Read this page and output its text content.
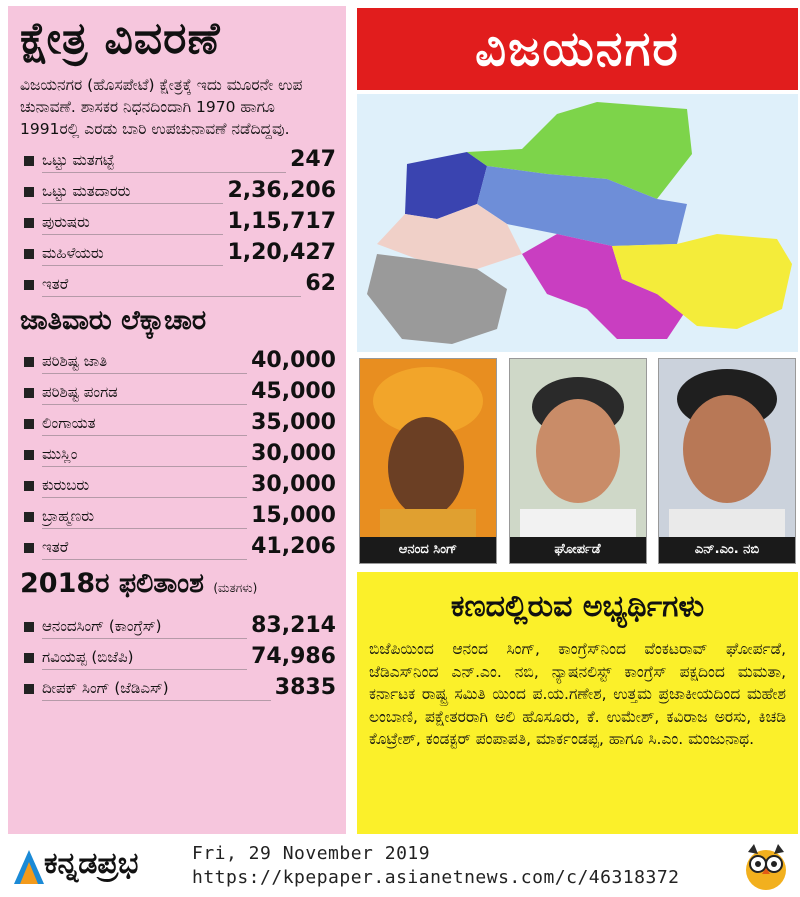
ಕ್ಷೇತ್ರ ವಿವರಣೆ
ವಿಜಯನಗರ (ಹೊಸಪೇಟೆ) ಕ್ಷೇತ್ರಕ್ಕೆ ಇದು ಮೂರನೇ ಉಪ ಚುನಾವಣೆ. ಶಾಸಕರ ನಿಧನದಿಂದಾಗಿ 1970 ಹಾಗೂ 1991ರಲ್ಲಿ ಎರಡು ಬಾರಿ ಉಪಚುನಾವಣೆ ನಡೆದಿದ್ದವು.
ಒಟ್ಟು ಮತಗಟ್ಟೆ	247
ಒಟ್ಟು ಮತದಾರರು	2,36,206
ಪುರುಷರು	1,15,717
ಮಹಿಳೆಯರು	1,20,427
ಇತರೆ	62
ಜಾತಿವಾರು ಲೆಕ್ಕಾಚಾರ
ಪರಿಶಿಷ್ಟ ಜಾತಿ	40,000
ಪರಿಶಿಷ್ಟ ಪಂಗಡ	45,000
ಲಿಂಗಾಯತ	35,000
ಮುಸ್ಲಿಂ	30,000
ಕುರುಬರು	30,000
ಬ್ರಾಹ್ಮಣರು	15,000
ಇತರೆ	41,206
2018ರ ಫಲಿತಾಂಶ (ಮತಗಳು)
ಆನಂದಸಿಂಗ್ (ಕಾಂಗ್ರೆಸ್)	83,214
ಗವಿಯಪ್ಪ (ಬಿಜೆಪಿ)	74,986
ದೀಪಕ್ ಸಿಂಗ್ (ಜೆಡಿಎಸ್)	3835
ವಿಜಯನಗರ
ಆನಂದ ಸಿಂಗ್	ಘೋರ್ಪಡೆ	ಎನ್.ಎಂ. ನಬಿ
ಕಣದಲ್ಲಿರುವ ಅಭ್ಯರ್ಥಿಗಳು
ಬಿಜೆಪಿಯಿಂದ ಆನಂದ ಸಿಂಗ್, ಕಾಂಗ್ರೆಸ್‌ನಿಂದ ವೆಂಕಟರಾವ್ ಘೋರ್ಪಡೆ, ಜೆಡಿಎಸ್‌ನಿಂದ ಎನ್.ಎಂ. ನಬಿ, ನ್ಯಾಷನಲಿಸ್ಟ್ ಕಾಂಗ್ರೆಸ್ ಪಕ್ಷದಿಂದ ಮಮತಾ, ಕರ್ನಾಟಕ ರಾಷ್ಟ್ರ ಸಮಿತಿ ಯಿಂದ ಪ.ಯ.ಗಣೇಶ, ಉತ್ತಮ ಪ್ರಜಾಕೀಯದಿಂದ ಮಹೇಶ ಲಂಬಾಣಿ, ಪಕ್ಷೇತರರಾಗಿ ಅಲಿ ಹೊಸೂರು, ಕೆ. ಉಮೇಶ್, ಕವಿರಾಜ ಅರಸು, ಕಿಚಡಿ ಕೊಟ್ರೇಶ್, ಕಂಡಕ್ಟರ್ ಪಂಪಾಪತಿ, ಮಾರ್ಕಂಡಪ್ಪ, ಹಾಗೂ ಸಿ.ಎಂ. ಮಂಜುನಾಥ.
ಕನ್ನಡಪ್ರಭ	Fri, 29 November 2019
https://kpepaper.asianetnews.com/c/46318372
